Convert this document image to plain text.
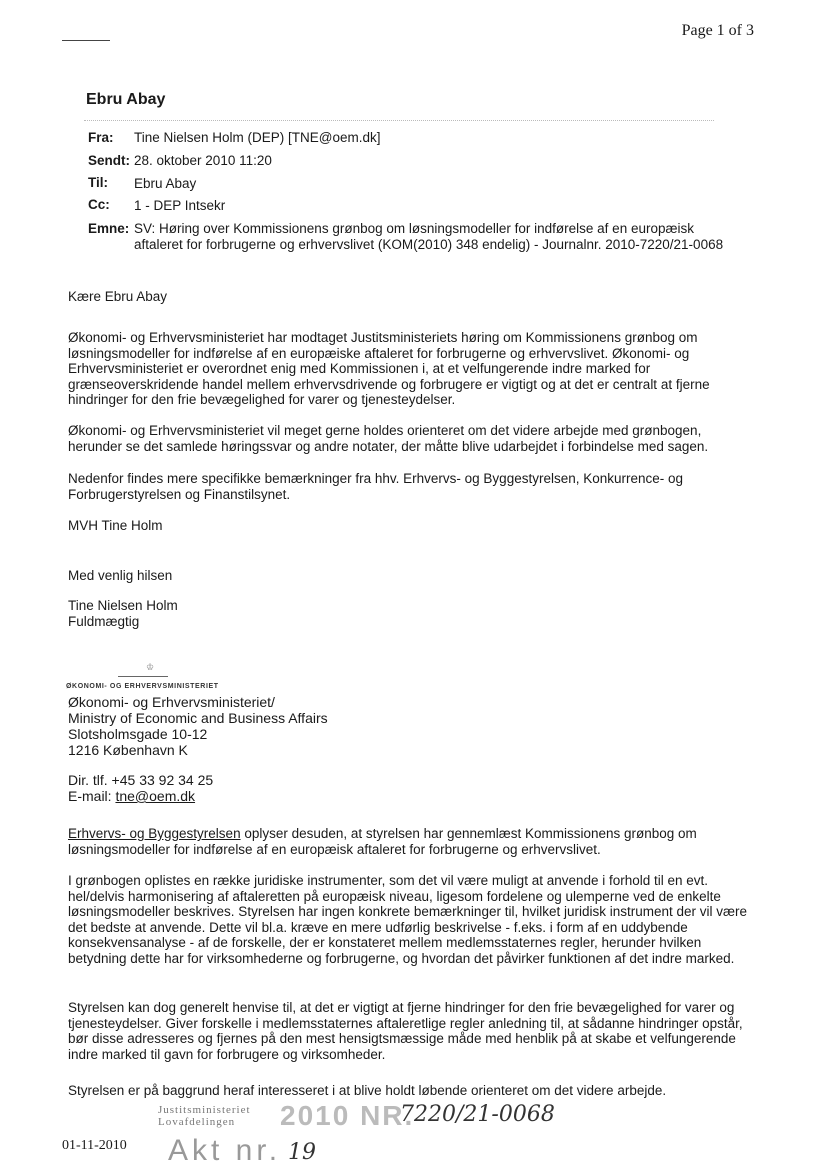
Page 1 of 3
Ebru Abay
Fra: Tine Nielsen Holm (DEP) [TNE@oem.dk]
Sendt: 28. oktober 2010 11:20
Til: Ebru Abay
Cc: 1 - DEP Intsekr
Emne: SV: Høring over Kommissionens grønbog om løsningsmodeller for indførelse af en europæisk aftaleret for forbrugerne og erhvervslivet (KOM(2010) 348 endelig) - Journalnr. 2010-7220/21-0068
Kære Ebru Abay
Økonomi- og Erhvervsministeriet har modtaget Justitsministeriets høring om Kommissionens grønbog om løsningsmodeller for indførelse af en europæiske aftaleret for forbrugerne og erhvervslivet. Økonomi- og Erhvervsministeriet er overordnet enig med Kommissionen i, at et velfungerende indre marked for grænseoverskridende handel mellem erhvervsdrivende og forbrugere er vigtigt og at det er centralt at fjerne hindringer for den frie bevægelighed for varer og tjenesteydelser.
Økonomi- og Erhvervsministeriet vil meget gerne holdes orienteret om det videre arbejde med grønbogen, herunder se det samlede høringssvar og andre notater, der måtte blive udarbejdet i forbindelse med sagen.
Nedenfor findes mere specifikke bemærkninger fra hhv. Erhvervs- og Byggestyrelsen, Konkurrence- og Forbrugerstyrelsen og Finanstilsynet.
MVH Tine Holm
Med venlig hilsen
Tine Nielsen Holm
Fuldmægtig
♔
ØKONOMI- OG ERHVERVSMINISTERIET
Økonomi- og Erhvervsministeriet/
Ministry of Economic and Business Affairs
Slotsholmsgade 10-12
1216 København K
Dir. tlf. +45 33 92 34 25
E-mail: tne@oem.dk
Erhvervs- og Byggestyrelsen oplyser desuden, at styrelsen har gennemlæst Kommissionens grønbog om løsningsmodeller for indførelse af en europæisk aftaleret for forbrugerne og erhvervslivet.
I grønbogen oplistes en række juridiske instrumenter, som det vil være muligt at anvende i forhold til en evt. hel/delvis harmonisering af aftaleretten på europæisk niveau, ligesom fordelene og ulemperne ved de enkelte løsningsmodeller beskrives. Styrelsen har ingen konkrete bemærkninger til, hvilket juridisk instrument der vil være det bedste at anvende. Dette vil bl.a. kræve en mere udførlig beskrivelse - f.eks. i form af en uddybende konsekvensanalyse - af de forskelle, der er konstateret mellem medlemsstaternes regler, herunder hvilken betydning dette har for virksomhederne og forbrugerne, og hvordan det påvirker funktionen af det indre marked.
Styrelsen kan dog generelt henvise til, at det er vigtigt at fjerne hindringer for den frie bevægelighed for varer og tjenesteydelser. Giver forskelle i medlemsstaternes aftaleretlige regler anledning til, at sådanne hindringer opstår, bør disse adresseres og fjernes på den mest hensigtsmæssige måde med henblik på at skabe et velfungerende indre marked til gavn for forbrugere og virksomheder.
Styrelsen er på baggrund heraf interesseret i at blive holdt løbende orienteret om det videre arbejde.
01-11-2010
Justitsministeriet
Lovafdelingen	2010 NR.
7220/21-0068
Akt nr. 19
